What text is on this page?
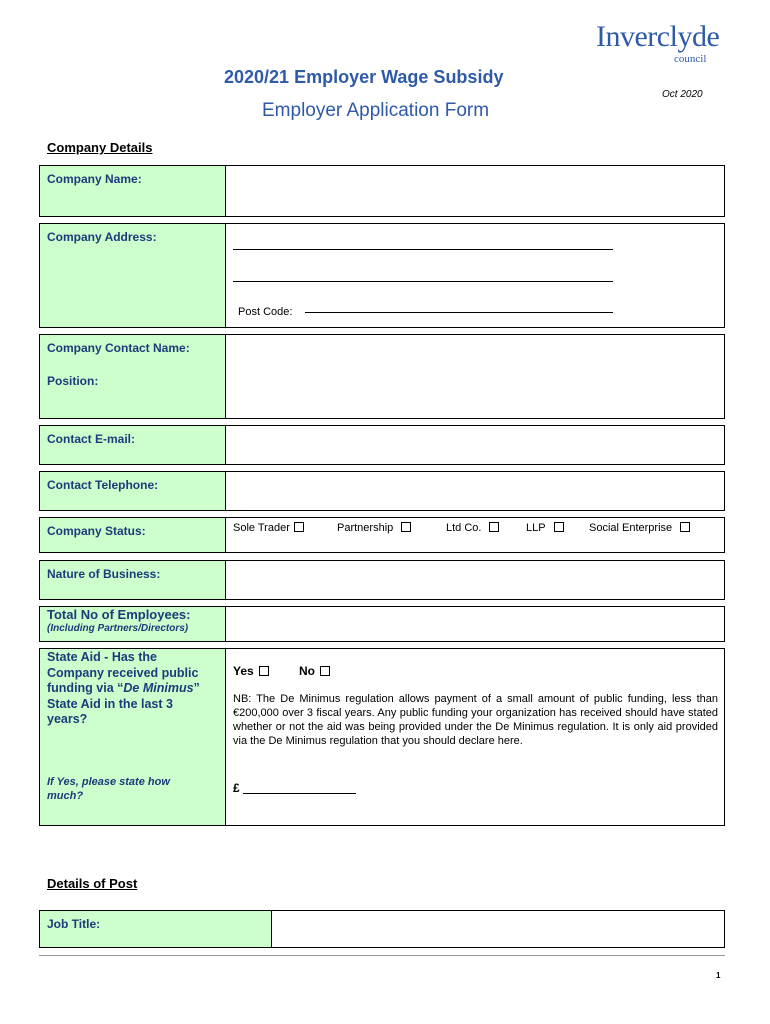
Inverclyde
council
2020/21 Employer Wage Subsidy
Employer Application Form
Oct 2020
Company Details
Company Name:
Company Address:
Post Code:
Company Contact Name:
Position:
Contact E-mail:
Contact Telephone:
Company Status:	Sole Trader	Partnership	Ltd Co.	LLP	Social Enterprise
Nature of Business:
Total No of Employees:
(Including Partners/Directors)
State Aid - Has the Company received public funding via “De Minimus” State Aid in the last 3 years?
If Yes, please state how much?
Yes	No
NB: The De Minimus regulation allows payment of a small amount of public funding, less than €200,000 over 3 fiscal years. Any public funding your organization has received should have stated whether or not the aid was being provided under the De Minimus regulation. It is only aid provided via the De Minimus regulation that you should declare here.
£
Details of Post
Job Title:
1
